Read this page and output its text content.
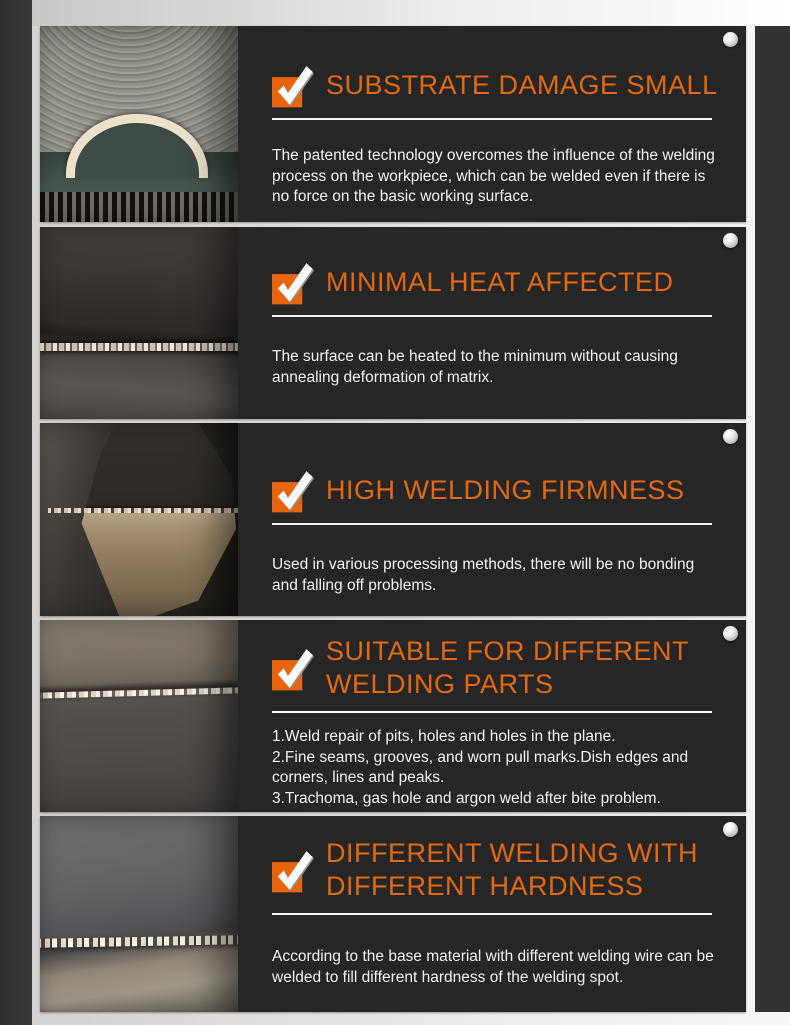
SUBSTRATE DAMAGE SMALL
The patented technology overcomes the influence of the welding process on the workpiece, which can be welded even if there is no force on the basic working surface.
MINIMAL HEAT AFFECTED
The surface can be heated to the minimum without causing annealing deformation of matrix.
HIGH WELDING FIRMNESS
Used in various processing methods, there will be no bonding and falling off problems.
SUITABLE FOR DIFFERENT
WELDING PARTS
1.Weld repair of pits, holes and holes in the plane.
2.Fine seams, grooves, and worn pull marks.Dish edges and corners, lines and peaks.
3.Trachoma, gas hole and argon weld after bite problem.
DIFFERENT WELDING WITH
DIFFERENT HARDNESS
According to the base material with different welding wire can be welded to fill different hardness of the welding spot.
